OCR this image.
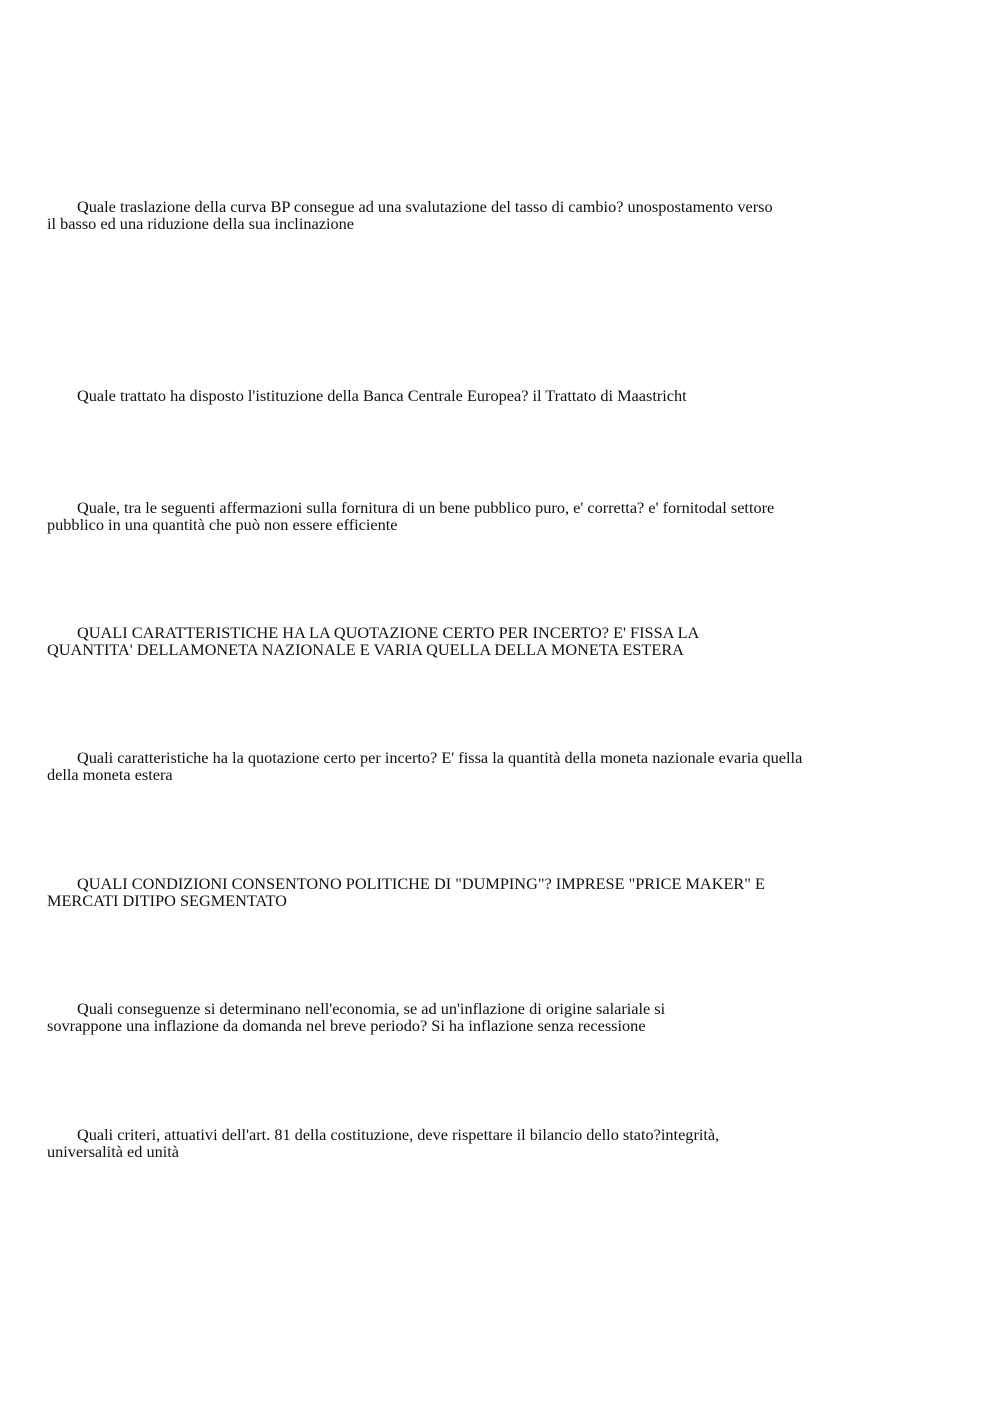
Quale traslazione della curva BP consegue ad una svalutazione del tasso di cambio? unospostamento verso
il basso ed una riduzione della sua inclinazione
Quale trattato ha disposto l'istituzione della Banca Centrale Europea? il Trattato di Maastricht
Quale, tra le seguenti affermazioni sulla fornitura di un bene pubblico puro, e' corretta? e' fornitodal settore
pubblico in una quantità che può non essere efficiente
QUALI CARATTERISTICHE HA LA QUOTAZIONE CERTO PER INCERTO? E' FISSA LA
QUANTITA' DELLAMONETA NAZIONALE E VARIA QUELLA DELLA MONETA ESTERA
Quali caratteristiche ha la quotazione certo per incerto? E' fissa la quantità della moneta nazionale evaria quella
della moneta estera
QUALI CONDIZIONI CONSENTONO POLITICHE DI "DUMPING"? IMPRESE "PRICE MAKER" E
MERCATI DITIPO SEGMENTATO
Quali conseguenze si determinano nell'economia, se ad un'inflazione di origine salariale si
sovrappone una inflazione da domanda nel breve periodo? Si ha inflazione senza recessione
Quali criteri, attuativi dell'art. 81 della costituzione, deve rispettare il bilancio dello stato?integrità,
universalità ed unità
